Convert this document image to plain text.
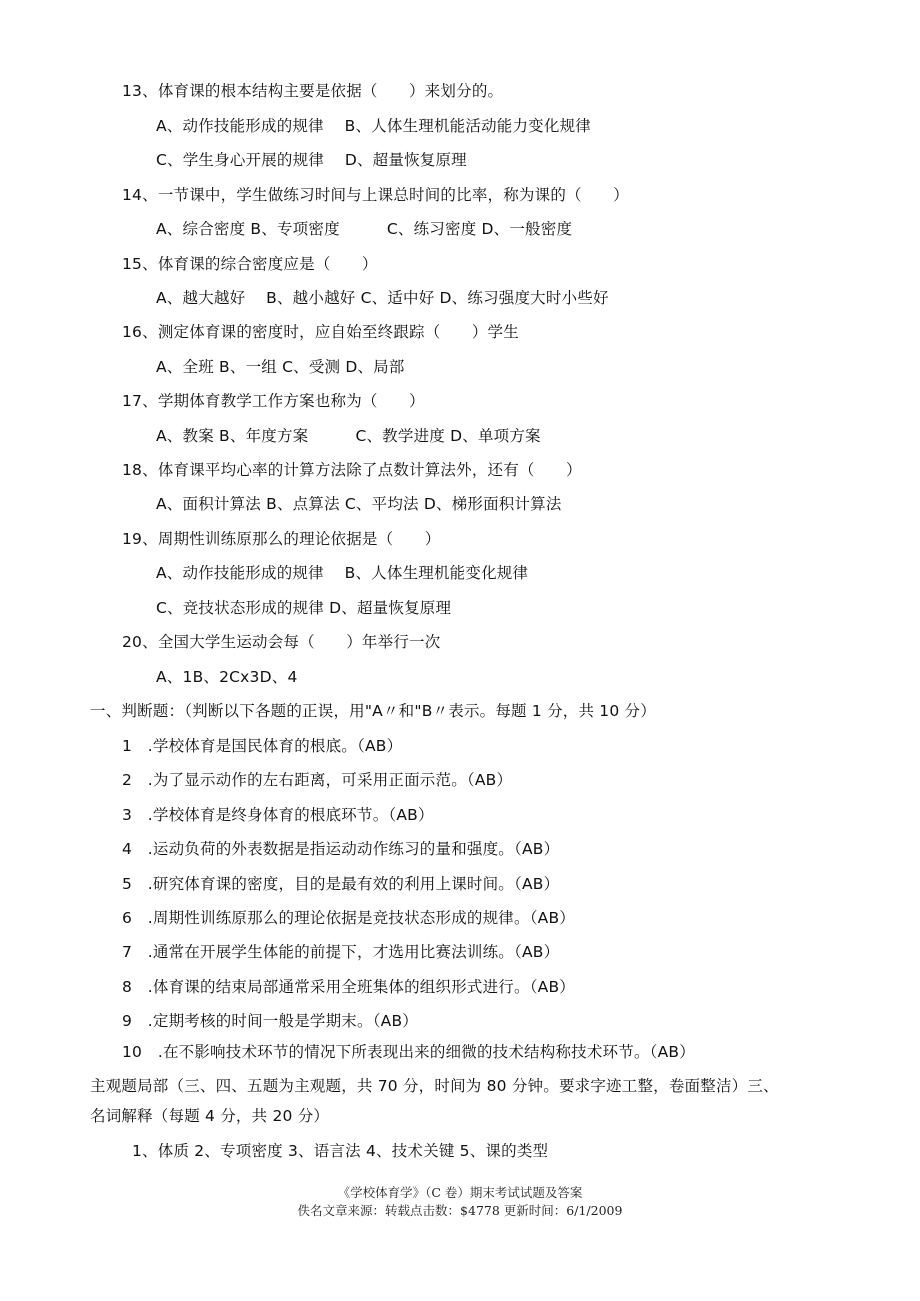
13、体育课的根本结构主要是依据（　　）来划分的。
A、动作技能形成的规律　 B、人体生理机能活动能力变化规律
C、学生身心开展的规律　 D、超量恢复原理
14、一节课中，学生做练习时间与上课总时间的比率，称为课的（　　）
A、综合密度 B、专项密度　　　C、练习密度 D、一般密度
15、体育课的综合密度应是（　　）
A、越大越好　 B、越小越好 C、适中好 D、练习强度大时小些好
16、测定体育课的密度时，应自始至终跟踪（　　）学生
A、全班 B、一组 C、受测 D、局部
17、学期体育教学工作方案也称为（　　）
A、教案 B、年度方案　　　C、教学进度 D、单项方案
18、体育课平均心率的计算方法除了点数计算法外，还有（　　）
A、面积计算法 B、点算法 C、平均法 D、梯形面积计算法
19、周期性训练原那么的理论依据是（　　）
A、动作技能形成的规律　 B、人体生理机能变化规律
C、竞技状态形成的规律 D、超量恢复原理
20、全国大学生运动会每（　　）年举行一次
A、1B、2Cx3D、4
一、判断题：（判断以下各题的正误，用"A〃和"B〃表示。每题 1 分，共 10 分）
1　.学校体育是国民体育的根底。（AB）
2　.为了显示动作的左右距离，可采用正面示范。（AB）
3　.学校体育是终身体育的根底环节。（AB）
4　.运动负荷的外表数据是指运动动作练习的量和强度。（AB）
5　.研究体育课的密度，目的是最有效的利用上课时间。（AB）
6　.周期性训练原那么的理论依据是竞技状态形成的规律。（AB）
7　.通常在开展学生体能的前提下，才选用比赛法训练。（AB）
8　.体育课的结束局部通常采用全班集体的组织形式进行。（AB）
9　.定期考核的时间一般是学期末。（AB）
10　.在不影响技术环节的情况下所表现出来的细微的技术结构称技术环节。（AB）
主观题局部（三、四、五题为主观题，共 70 分，时间为 80 分钟。要求字迹工整，卷面整洁）三、
名词解释（每题 4 分，共 20 分）
1、体质 2、专项密度 3、语言法 4、技术关键 5、课的类型
《学校体育学》（C 卷）期末考试试题及答案
佚名文章来源：转载点击数：$4778 更新时间：6/1/2009
